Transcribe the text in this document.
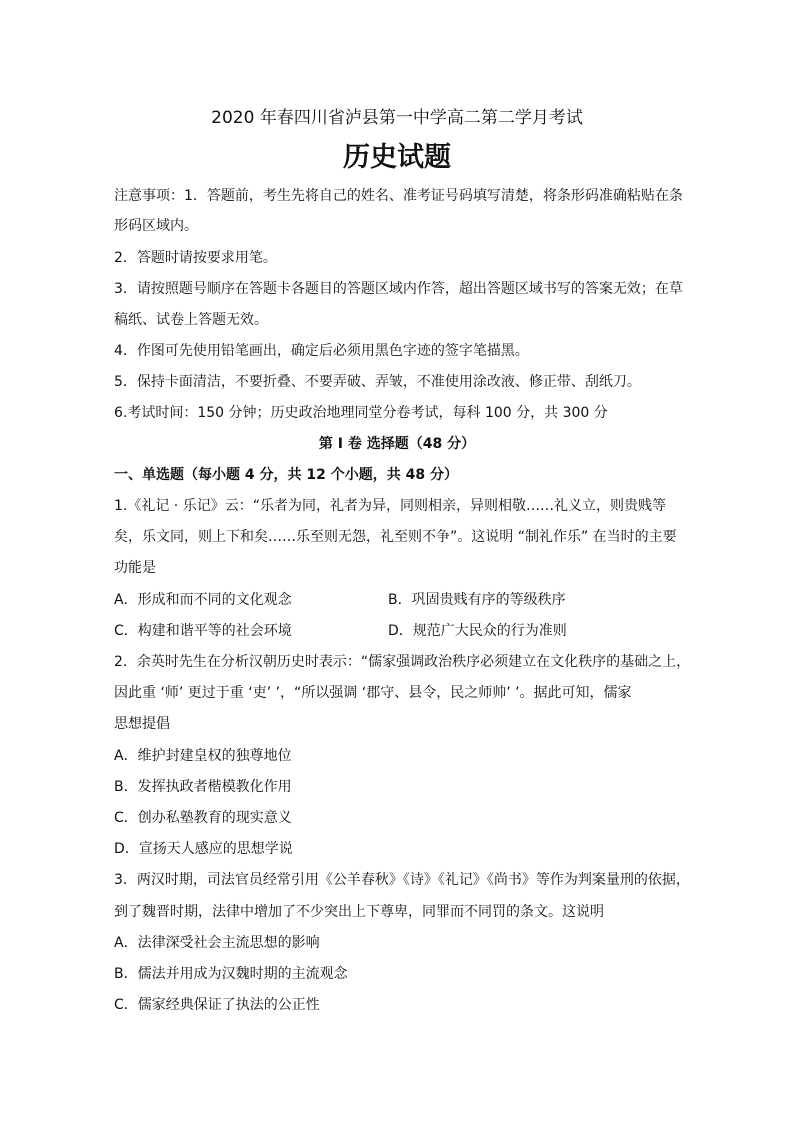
2020 年春四川省泸县第一中学高二第二学月考试
历史试题
注意事项：1．答题前，考生先将自己的姓名、准考证号码填写清楚，将条形码准确粘贴在条
形码区域内。
2．答题时请按要求用笔。
3．请按照题号顺序在答题卡各题目的答题区域内作答，超出答题区域书写的答案无效；在草
稿纸、试卷上答题无效。
4．作图可先使用铅笔画出，确定后必须用黑色字迹的签字笔描黑。
5．保持卡面清洁，不要折叠、不要弄破、弄皱，不准使用涂改液、修正带、刮纸刀。
6.考试时间：150 分钟；历史政治地理同堂分卷考试，每科 100 分，共 300 分
第 I 卷 选择题（48 分）
一、单选题（每小题 4 分，共 12 个小题，共 48 分）
1.《礼记 · 乐记》云：“乐者为同，礼者为异，同则相亲，异则相敬……礼义立，则贵贱等
矣，乐文同，则上下和矣……乐至则无怨，礼至则不争”。这说明 “制礼作乐” 在当时的主要
功能是
A．形成和而不同的文化观念	B．巩固贵贱有序的等级秩序
C．构建和谐平等的社会环境	D．规范广大民众的行为准则
2．余英时先生在分析汉朝历史时表示：“儒家强调政治秩序必须建立在文化秩序的基础之上，
因此重 ‘师’ 更过于重 ‘吏’ ’，“所以强调 ‘郡守、县令，民之师帅’ ’。据此可知，儒家
思想提倡
A．维护封建皇权的独尊地位
B．发挥执政者楷模教化作用
C．创办私塾教育的现实意义
D．宣扬天人感应的思想学说
3．两汉时期，司法官员经常引用《公羊春秋》《诗》《礼记》《尚书》等作为判案量刑的依据，
到了魏晋时期，法律中增加了不少突出上下尊卑，同罪而不同罚的条文。这说明
A．法律深受社会主流思想的影响
B．儒法并用成为汉魏时期的主流观念
C．儒家经典保证了执法的公正性
